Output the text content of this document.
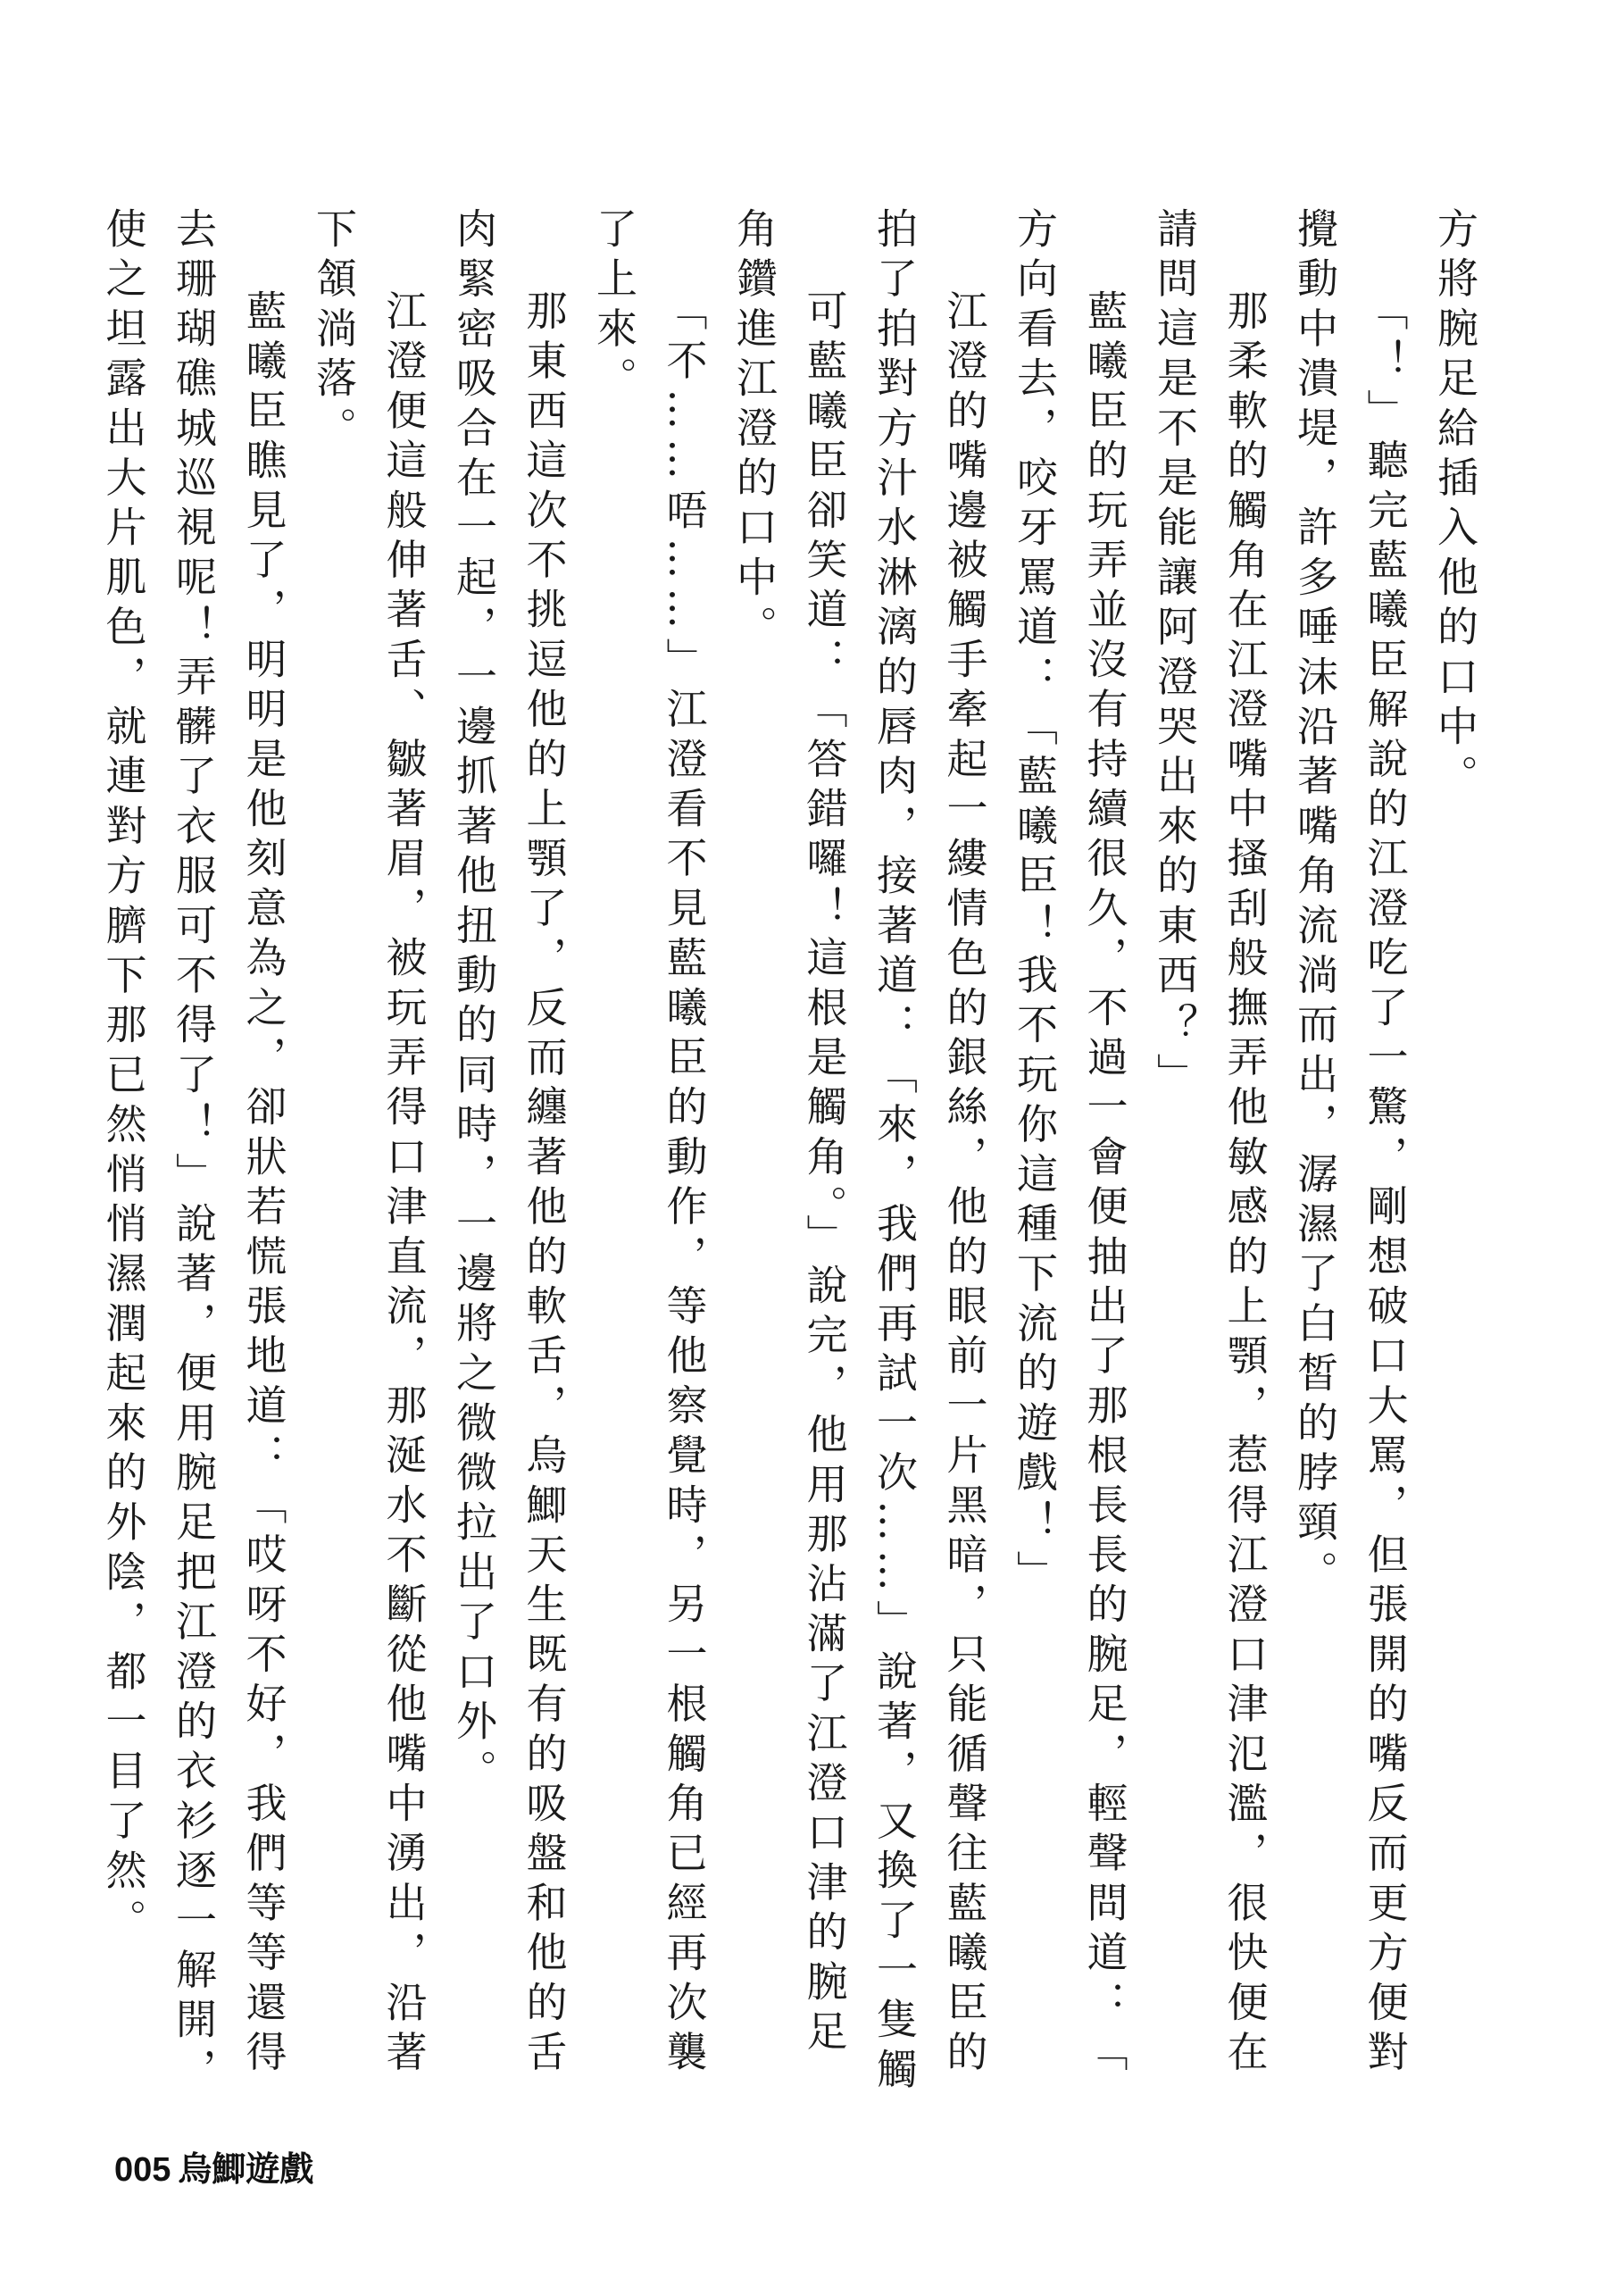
方將腕足給插入他的口中。

「！」聽完藍曦臣解說的江澄吃了一驚，剛想破口大罵，但張開的嘴反而更方便對

攪動中潰堤，許多唾沫沿著嘴角流淌而出，潺濕了白皙的脖頸。

那柔軟的觸角在江澄嘴中搔刮般撫弄他敏感的上顎，惹得江澄口津氾濫，很快便在

請問這是不是能讓阿澄哭出來的東西？」

藍曦臣的玩弄並沒有持續很久，不過一會便抽出了那根長長的腕足，輕聲問道：「

方向看去，咬牙罵道：「藍曦臣！我不玩你這種下流的遊戲！」

江澄的嘴邊被觸手牽起一縷情色的銀絲，他的眼前一片黑暗，只能循聲往藍曦臣的

拍了拍對方汁水淋漓的唇肉，接著道：「來，我們再試一次……」說著，又換了一隻觸

可藍曦臣卻笑道：「答錯囉！這根是觸角。」說完，他用那沾滿了江澄口津的腕足

角鑽進江澄的口中。

「不……唔……」江澄看不見藍曦臣的動作，等他察覺時，另一根觸角已經再次襲

了上來。

那東西這次不挑逗他的上顎了，反而纏著他的軟舌，烏鯽天生既有的吸盤和他的舌

肉緊密吸合在一起，一邊抓著他扭動的同時，一邊將之微微拉出了口外。

江澄便這般伸著舌、皺著眉，被玩弄得口津直流，那涎水不斷從他嘴中湧出，沿著

下頷淌落。

藍曦臣瞧見了，明明是他刻意為之，卻狀若慌張地道：「哎呀不好，我們等等還得

去珊瑚礁城巡視呢！弄髒了衣服可不得了！」說著，便用腕足把江澄的衣衫逐一解開，

使之坦露出大片肌色，就連對方臍下那已然悄悄濕潤起來的外陰，都一目了然。

005 烏鯽遊戲
